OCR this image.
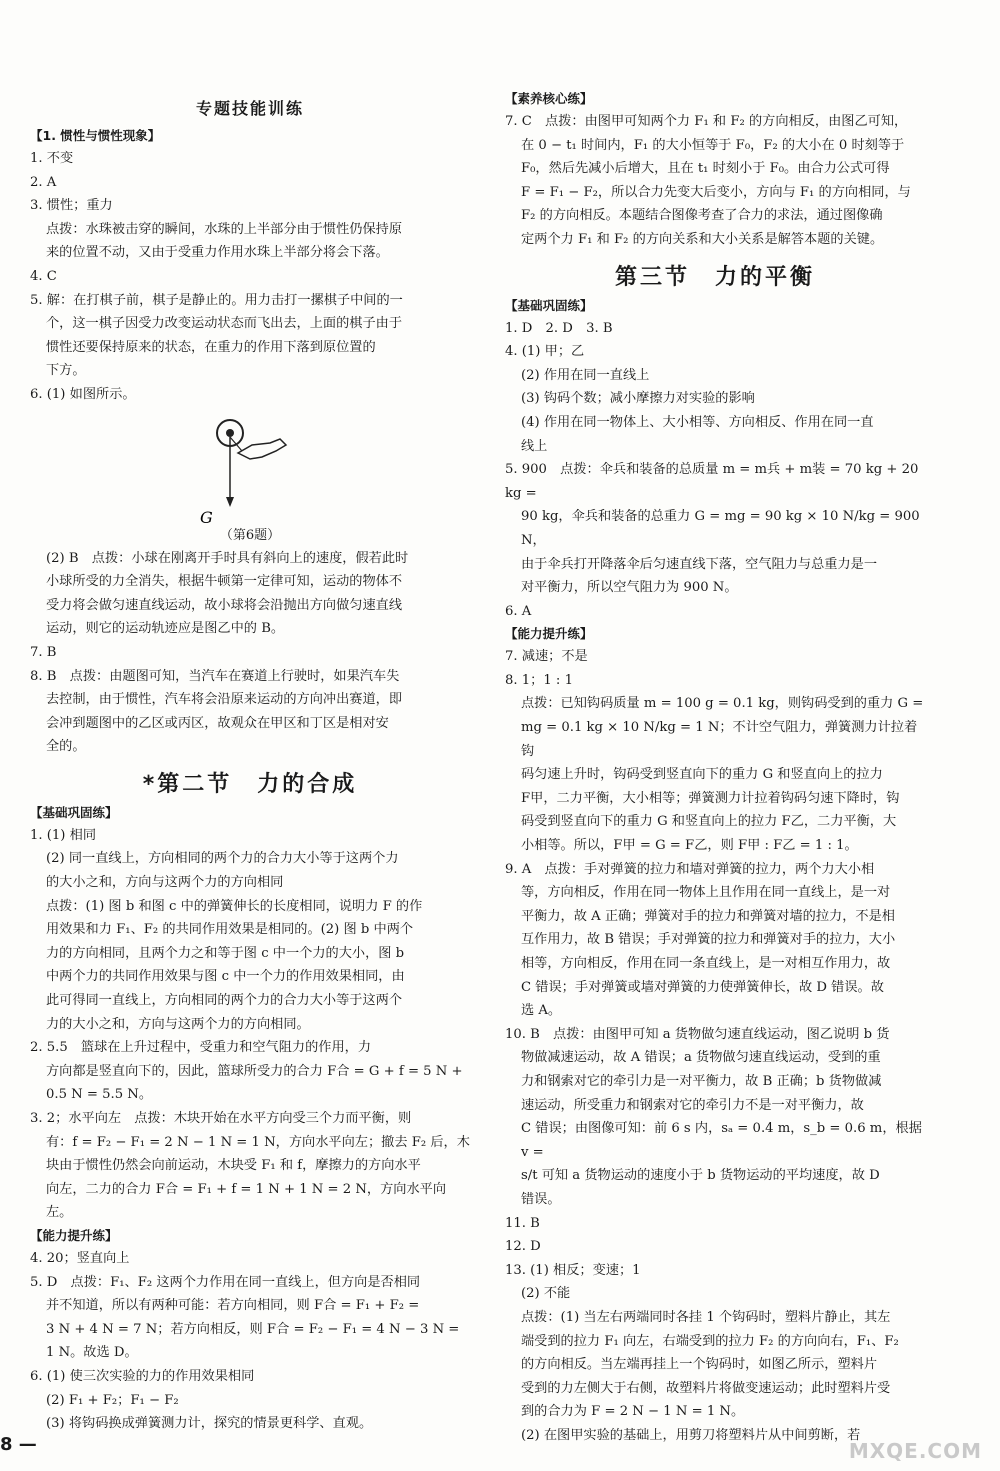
专题技能训练
【1. 惯性与惯性现象】
1. 不变
2. A
3. 惯性；重力
点拨：水珠被击穿的瞬间，水珠的上半部分由于惯性仍保持原
来的位置不动，又由于受重力作用水珠上半部分将会下落。
4. C
5. 解：在打棋子前，棋子是静止的。用力击打一摞棋子中间的一
个，这一棋子因受力改变运动状态而飞出去，上面的棋子由于
惯性还要保持原来的状态，在重力的作用下落到原位置的
下方。
6. (1) 如图所示。
G
（第6题）
(2) B　点拨：小球在刚离开手时具有斜向上的速度，假若此时
小球所受的力全消失，根据牛顿第一定律可知，运动的物体不
受力将会做匀速直线运动，故小球将会沿抛出方向做匀速直线
运动，则它的运动轨迹应是图乙中的 B。
7. B
8. B　点拨：由题图可知，当汽车在赛道上行驶时，如果汽车失
去控制，由于惯性，汽车将会沿原来运动的方向冲出赛道，即
会冲到题图中的乙区或丙区，故观众在甲区和丁区是相对安
全的。
*第二节　力的合成
【基础巩固练】
1. (1) 相同
(2) 同一直线上，方向相同的两个力的合力大小等于这两个力
的大小之和，方向与这两个力的方向相同
点拨：(1) 图 b 和图 c 中的弹簧伸长的长度相同，说明力 F 的作
用效果和力 F₁、F₂ 的共同作用效果是相同的。(2) 图 b 中两个
力的方向相同，且两个力之和等于图 c 中一个力的大小，图 b
中两个力的共同作用效果与图 c 中一个力的作用效果相同，由
此可得同一直线上，方向相同的两个力的合力大小等于这两个
力的大小之和，方向与这两个力的方向相同。
2. 5.5　篮球在上升过程中，受重力和空气阻力的作用，力
方向都是竖直向下的，因此，篮球所受力的合力 F合 = G + f = 5 N +
0.5 N = 5.5 N。
3. 2；水平向左　点拨：木块开始在水平方向受三个力而平衡，则
有：f = F₂ − F₁ = 2 N − 1 N = 1 N，方向水平向左；撤去 F₂ 后，木
块由于惯性仍然会向前运动，木块受 F₁ 和 f，摩擦力的方向水平
向左，二力的合力 F合 = F₁ + f = 1 N + 1 N = 2 N，方向水平向左。
【能力提升练】
4. 20；竖直向上
5. D　点拨：F₁、F₂ 这两个力作用在同一直线上，但方向是否相同
并不知道，所以有两种可能：若方向相同，则 F合 = F₁ + F₂ =
3 N + 4 N = 7 N；若方向相反，则 F合 = F₂ − F₁ = 4 N − 3 N =
1 N。故选 D。
6. (1) 使三次实验的力的作用效果相同
(2) F₁ + F₂；F₁ − F₂
(3) 将钩码换成弹簧测力计，探究的情景更科学、直观。
【素养核心练】
7. C　点拨：由图甲可知两个力 F₁ 和 F₂ 的方向相反，由图乙可知，
在 0 − t₁ 时间内，F₁ 的大小恒等于 F₀，F₂ 的大小在 0 时刻等于
F₀，然后先减小后增大，且在 t₁ 时刻小于 F₀。由合力公式可得
F = F₁ − F₂，所以合力先变大后变小，方向与 F₁ 的方向相同，与
F₂ 的方向相反。本题结合图像考查了合力的求法，通过图像确
定两个力 F₁ 和 F₂ 的方向关系和大小关系是解答本题的关键。
第三节　力的平衡
【基础巩固练】
1. D　2. D　3. B
4. (1) 甲；乙
(2) 作用在同一直线上
(3) 钩码个数；减小摩擦力对实验的影响
(4) 作用在同一物体上、大小相等、方向相反、作用在同一直
线上
5. 900　点拨：伞兵和装备的总质量 m = m兵 + m装 = 70 kg + 20 kg =
90 kg，伞兵和装备的总重力 G = mg = 90 kg × 10 N/kg = 900 N，
由于伞兵打开降落伞后匀速直线下落，空气阻力与总重力是一
对平衡力，所以空气阻力为 900 N。
6. A
【能力提升练】
7. 减速；不是
8. 1；1 : 1
点拨：已知钩码质量 m = 100 g = 0.1 kg，则钩码受到的重力 G =
mg = 0.1 kg × 10 N/kg = 1 N；不计空气阻力，弹簧测力计拉着钩
码匀速上升时，钩码受到竖直向下的重力 G 和竖直向上的拉力
F甲，二力平衡，大小相等；弹簧测力计拉着钩码匀速下降时，钩
码受到竖直向下的重力 G 和竖直向上的拉力 F乙，二力平衡，大
小相等。所以，F甲 = G = F乙，则 F甲 : F乙 = 1 : 1。
9. A　点拨：手对弹簧的拉力和墙对弹簧的拉力，两个力大小相
等，方向相反，作用在同一物体上且作用在同一直线上，是一对
平衡力，故 A 正确；弹簧对手的拉力和弹簧对墙的拉力，不是相
互作用力，故 B 错误；手对弹簧的拉力和弹簧对手的拉力，大小
相等，方向相反，作用在同一条直线上，是一对相互作用力，故
C 错误；手对弹簧或墙对弹簧的力使弹簧伸长，故 D 错误。故
选 A。
10. B　点拨：由图甲可知 a 货物做匀速直线运动，图乙说明 b 货
物做减速运动，故 A 错误；a 货物做匀速直线运动，受到的重
力和钢索对它的牵引力是一对平衡力，故 B 正确；b 货物做减
速运动，所受重力和钢索对它的牵引力不是一对平衡力，故
C 错误；由图像可知：前 6 s 内，sₐ = 0.4 m，s_b = 0.6 m，根据 v =
s/t 可知 a 货物运动的速度小于 b 货物运动的平均速度，故 D
错误。
11. B
12. D
13. (1) 相反；变速；1
(2) 不能
点拨：(1) 当左右两端同时各挂 1 个钩码时，塑料片静止，其左
端受到的拉力 F₁ 向左，右端受到的拉力 F₂ 的方向向右，F₁、F₂
的方向相反。当左端再挂上一个钩码时，如图乙所示，塑料片
受到的力左侧大于右侧，故塑料片将做变速运动；此时塑料片受
到的合力为 F = 2 N − 1 N = 1 N。
(2) 在图甲实验的基础上，用剪刀将塑料片从中间剪断，若
8 —	MXQE.COM
